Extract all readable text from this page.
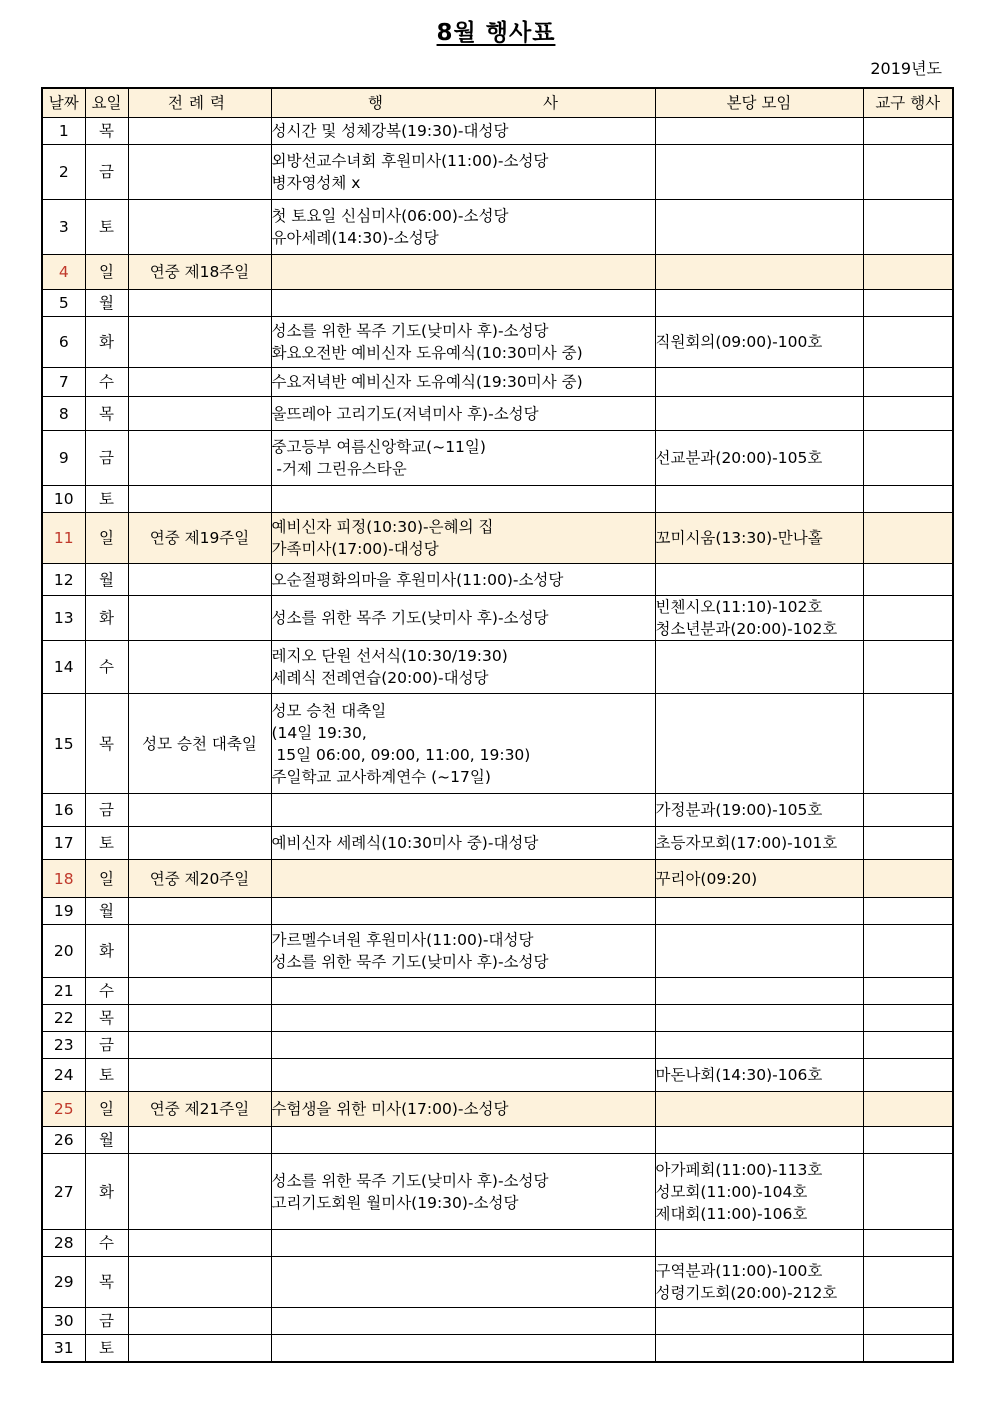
8월 행사표
2019년도
날짜	요일	전례력	행 사	본당 모임	교구 행사
1	목		성시간 및 성체강복(19:30)-대성당		

2	금		외방선교수녀회 후원미사(11:00)-소성당
병자영성체 x		

3	토		첫 토요일 신심미사(06:00)-소성당
유아세례(14:30)-소성당		

4	일	연중 제18주일			
5	월				
6	화		성소를 위한 목주 기도(낮미사 후)-소성당
화요오전반 예비신자 도유예식(10:30미사 중)	직원회의(09:00)-100호	

7	수		수요저녁반 예비신자 도유예식(19:30미사 중)		

8	목		울뜨레아 고리기도(저녁미사 후)-소성당		

9	금		중고등부 여름신앙학교(~11일)
-거제 그린유스타운	선교분과(20:00)-105호	

10	토				
11	일	연중 제19주일	예비신자 피정(10:30)-은혜의 집
가족미사(17:00)-대성당	꼬미시움(13:30)-만나홀	

12	월		오순절평화의마을 후원미사(11:00)-소성당		

13	화		성소를 위한 목주 기도(낮미사 후)-소성당	빈첸시오(11:10)-102호
청소년분과(20:00)-102호	

14	수		레지오 단원 선서식(10:30/19:30)
세례식 전례연습(20:00)-대성당		

15	목	성모 승천 대축일	성모 승천 대축일
(14일 19:30,
15일 06:00, 09:00, 11:00, 19:30)
주일학교 교사하계연수 (~17일)		

16	금			가정분과(19:00)-105호	

17	토		예비신자 세례식(10:30미사 중)-대성당	초등자모회(17:00)-101호	

18	일	연중 제20주일		꾸리아(09:20)	

19	월				
20	화		가르멜수녀원 후원미사(11:00)-대성당
성소를 위한 묵주 기도(낮미사 후)-소성당		

21	수				
22	목				
23	금				
24	토			마돈나회(14:30)-106호	

25	일	연중 제21주일	수험생을 위한 미사(17:00)-소성당		

26	월				
27	화		성소를 위한 묵주 기도(낮미사 후)-소성당
고리기도회원 월미사(19:30)-소성당	아가페회(11:00)-113호
성모회(11:00)-104호
제대회(11:00)-106호	

28	수				
29	목			구역분과(11:00)-100호
성령기도회(20:00)-212호	

30	금				
31	토				
